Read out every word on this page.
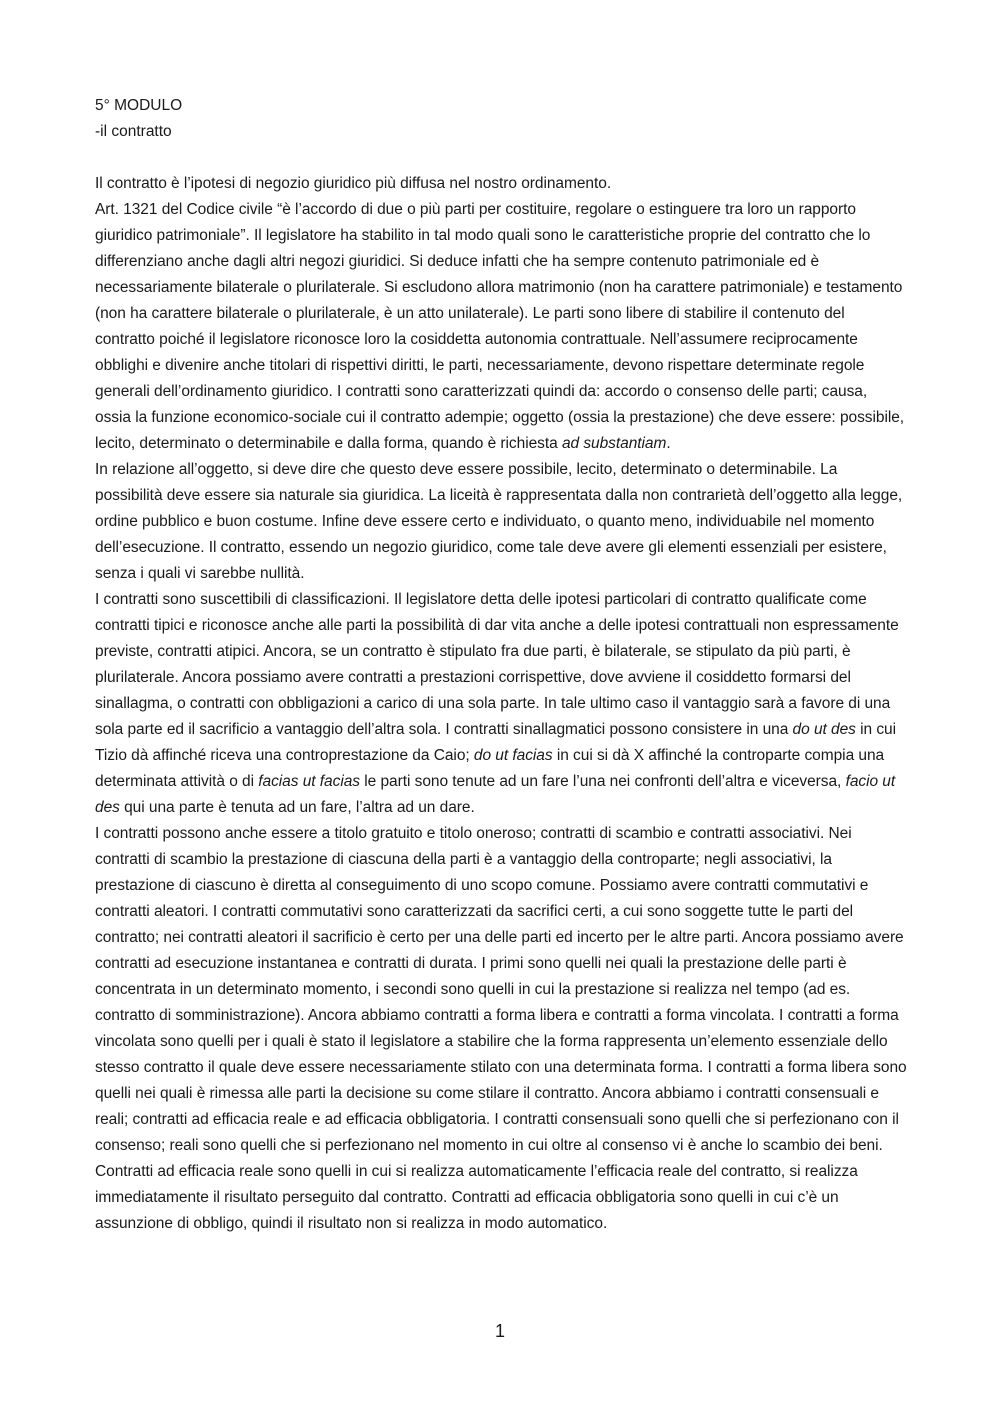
5° MODULO
-il contratto

Il contratto è l’ipotesi di negozio giuridico più diffusa nel nostro ordinamento.

Art. 1321 del Codice civile “è l’accordo di due o più parti per costituire, regolare o estinguere tra loro un rapporto giuridico patrimoniale”. Il legislatore ha stabilito in tal modo quali sono le caratteristiche proprie del contratto che lo differenziano anche dagli altri negozi giuridici. Si deduce infatti che ha sempre contenuto patrimoniale ed è necessariamente bilaterale o plurilaterale. Si escludono allora matrimonio (non ha carattere patrimoniale) e testamento (non ha carattere bilaterale o plurilaterale, è un atto unilaterale). Le parti sono libere di stabilire il contenuto del contratto poiché il legislatore riconosce loro la cosiddetta autonomia contrattuale. Nell’assumere reciprocamente obblighi e divenire anche titolari di rispettivi diritti, le parti, necessariamente, devono rispettare determinate regole generali dell’ordinamento giuridico. I contratti sono caratterizzati quindi da: accordo o consenso delle parti; causa, ossia la funzione economico-sociale cui il contratto adempie; oggetto (ossia la prestazione) che deve essere: possibile, lecito, determinato o determinabile e dalla forma, quando è richiesta ad substantiam.

In relazione all’oggetto, si deve dire che questo deve essere possibile, lecito, determinato o determinabile. La possibilità deve essere sia naturale sia giuridica. La liceità è rappresentata dalla non contrarietà dell’oggetto alla legge, ordine pubblico e buon costume. Infine deve essere certo e individuato, o quanto meno, individuabile nel momento dell’esecuzione. Il contratto, essendo un negozio giuridico, come tale deve avere gli elementi essenziali per esistere, senza i quali vi sarebbe nullità.

I contratti sono suscettibili di classificazioni. Il legislatore detta delle ipotesi particolari di contratto qualificate come contratti tipici e riconosce anche alle parti la possibilità di dar vita anche a delle ipotesi contrattuali non espressamente previste, contratti atipici. Ancora, se un contratto è stipulato fra due parti, è bilaterale, se stipulato da più parti, è plurilaterale. Ancora possiamo avere contratti a prestazioni corrispettive, dove avviene il cosiddetto formarsi del sinallagma, o contratti con obbligazioni a carico di una sola parte. In tale ultimo caso il vantaggio sarà a favore di una sola parte ed il sacrificio a vantaggio dell’altra sola. I contratti sinallagmatici possono consistere in una do ut des in cui Tizio dà affinché riceva una controprestazione da Caio; do ut facias in cui si dà X affinché la controparte compia una determinata attività o di facias ut facias le parti sono tenute ad un fare l’una nei confronti dell’altra e viceversa, facio ut des qui una parte è tenuta ad un fare, l’altra ad un dare.

I contratti possono anche essere a titolo gratuito e titolo oneroso; contratti di scambio e contratti associativi. Nei contratti di scambio la prestazione di ciascuna della parti è a vantaggio della controparte; negli associativi, la prestazione di ciascuno è diretta al conseguimento di uno scopo comune. Possiamo avere contratti commutativi e contratti aleatori. I contratti commutativi sono caratterizzati da sacrifici certi, a cui sono soggette tutte le parti del contratto; nei contratti aleatori il sacrificio è certo per una delle parti ed incerto per le altre parti. Ancora possiamo avere contratti ad esecuzione instantanea e contratti di durata. I primi sono quelli nei quali la prestazione delle parti è concentrata in un determinato momento, i secondi sono quelli in cui la prestazione si realizza nel tempo (ad es. contratto di somministrazione). Ancora abbiamo contratti a forma libera e contratti a forma vincolata. I contratti a forma vincolata sono quelli per i quali è stato il legislatore a stabilire che la forma rappresenta un’elemento essenziale dello stesso contratto il quale deve essere necessariamente stilato con una determinata forma. I contratti a forma libera sono quelli nei quali è rimessa alle parti la decisione su come stilare il contratto. Ancora abbiamo i contratti consensuali e reali; contratti ad efficacia reale e ad efficacia obbligatoria. I contratti consensuali sono quelli che si perfezionano con il consenso; reali sono quelli che si perfezionano nel momento in cui oltre al consenso vi è anche lo scambio dei beni. Contratti ad efficacia reale sono quelli in cui si realizza automaticamente l’efficacia reale del contratto, si realizza immediatamente il risultato perseguito dal contratto. Contratti ad efficacia obbligatoria sono quelli in cui c’è un assunzione di obbligo, quindi il risultato non si realizza in modo automatico.

1
